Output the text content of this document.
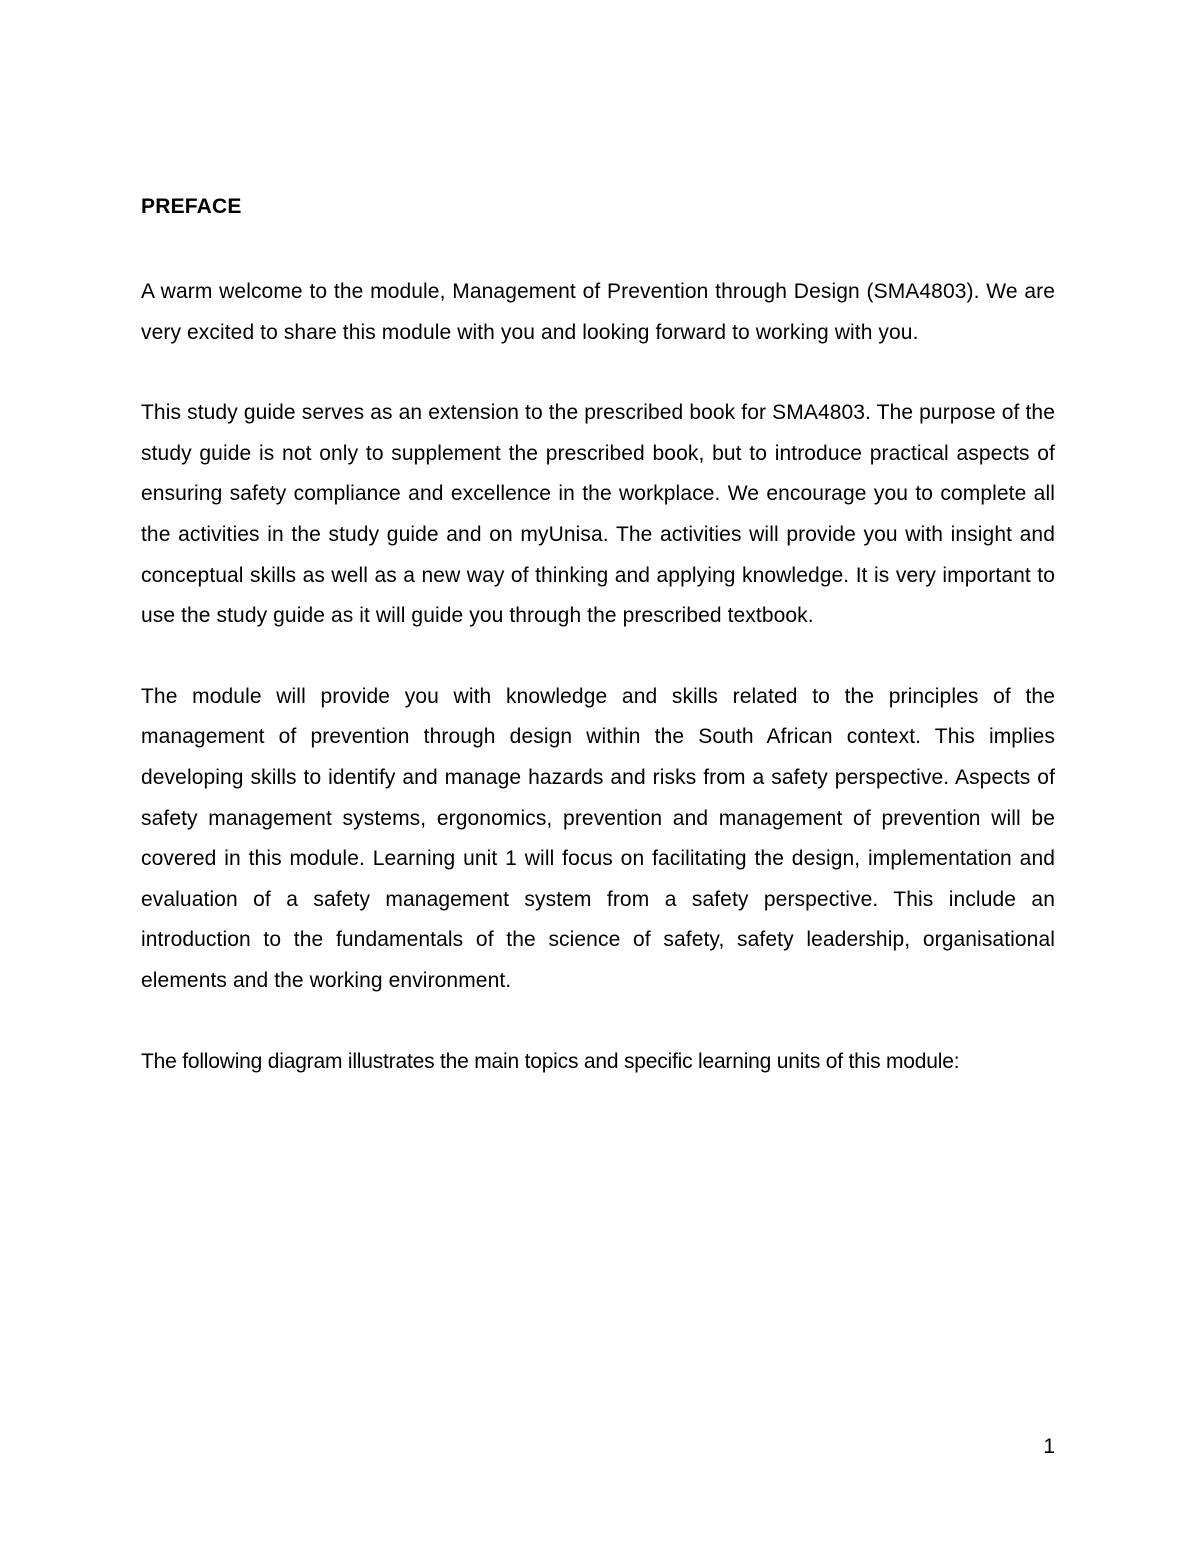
PREFACE

A warm welcome to the module, Management of Prevention through Design (SMA4803). We are very excited to share this module with you and looking forward to working with you.

This study guide serves as an extension to the prescribed book for SMA4803. The purpose of the study guide is not only to supplement the prescribed book, but to introduce practical aspects of ensuring safety compliance and excellence in the workplace. We encourage you to complete all the activities in the study guide and on myUnisa. The activities will provide you with insight and conceptual skills as well as a new way of thinking and applying knowledge. It is very important to use the study guide as it will guide you through the prescribed textbook.

The module will provide you with knowledge and skills related to the principles of the management of prevention through design within the South African context. This implies developing skills to identify and manage hazards and risks from a safety perspective. Aspects of safety management systems, ergonomics, prevention and management of prevention will be covered in this module. Learning unit 1 will focus on facilitating the design, implementation and evaluation of a safety management system from a safety perspective. This include an introduction to the fundamentals of the science of safety, safety leadership, organisational elements and the working environment.

The following diagram illustrates the main topics and specific learning units of this module:

1
